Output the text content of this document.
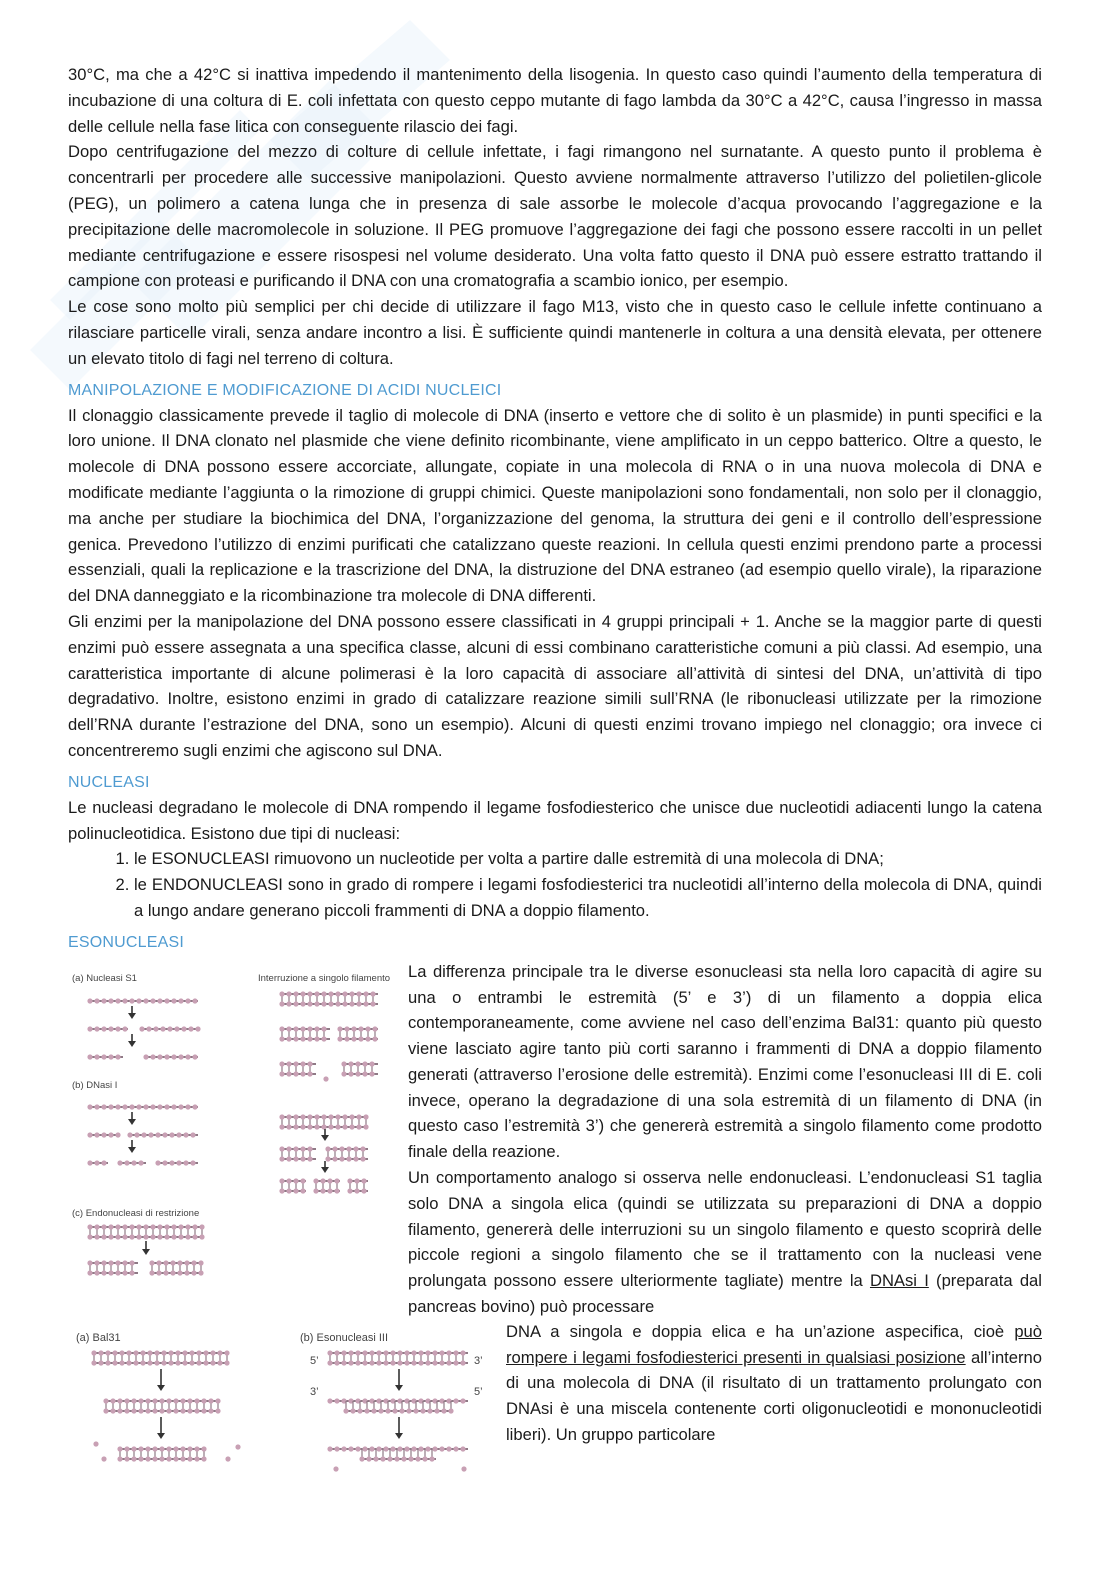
30°C, ma che a 42°C si inattiva impedendo il mantenimento della lisogenia. In questo caso quindi l’aumento della temperatura di incubazione di una coltura di E. coli infettata con questo ceppo mutante di fago lambda da 30°C a 42°C, causa l’ingresso in massa delle cellule nella fase litica con conseguente rilascio dei fagi.

Dopo centrifugazione del mezzo di colture di cellule infettate, i fagi rimangono nel surnatante. A questo punto il problema è concentrarli per procedere alle successive manipolazioni. Questo avviene normalmente attraverso l’utilizzo del polietilen-glicole (PEG), un polimero a catena lunga che in presenza di sale assorbe le molecole d’acqua provocando l’aggregazione e la precipitazione delle macromolecole in soluzione. Il PEG promuove l’aggregazione dei fagi che possono essere raccolti in un pellet mediante centrifugazione e essere risospesi nel volume desiderato. Una volta fatto questo il DNA può essere estratto trattando il campione con proteasi e purificando il DNA con una cromatografia a scambio ionico, per esempio.

Le cose sono molto più semplici per chi decide di utilizzare il fago M13, visto che in questo caso le cellule infette continuano a rilasciare particelle virali, senza andare incontro a lisi. È sufficiente quindi mantenerle in coltura a una densità elevata, per ottenere un elevato titolo di fagi nel terreno di coltura.

MANIPOLAZIONE E MODIFICAZIONE DI ACIDI NUCLEICI

Il clonaggio classicamente prevede il taglio di molecole di DNA (inserto e vettore che di solito è un plasmide) in punti specifici e la loro unione. Il DNA clonato nel plasmide che viene definito ricombinante, viene amplificato in un ceppo batterico. Oltre a questo, le molecole di DNA possono essere accorciate, allungate, copiate in una molecola di RNA o in una nuova molecola di DNA e modificate mediante l’aggiunta o la rimozione di gruppi chimici. Queste manipolazioni sono fondamentali, non solo per il clonaggio, ma anche per studiare la biochimica del DNA, l’organizzazione del genoma, la struttura dei geni e il controllo dell’espressione genica. Prevedono l’utilizzo di enzimi purificati che catalizzano queste reazioni. In cellula questi enzimi prendono parte a processi essenziali, quali la replicazione e la trascrizione del DNA, la distruzione del DNA estraneo (ad esempio quello virale), la riparazione del DNA danneggiato e la ricombinazione tra molecole di DNA differenti.

Gli enzimi per la manipolazione del DNA possono essere classificati in 4 gruppi principali + 1. Anche se la maggior parte di questi enzimi può essere assegnata a una specifica classe, alcuni di essi combinano caratteristiche comuni a più classi. Ad esempio, una caratteristica importante di alcune polimerasi è la loro capacità di associare all’attività di sintesi del DNA, un’attività di tipo degradativo. Inoltre, esistono enzimi in grado di catalizzare reazione simili sull’RNA (le ribonucleasi utilizzate per la rimozione dell’RNA durante l’estrazione del DNA, sono un esempio). Alcuni di questi enzimi trovano impiego nel clonaggio; ora invece ci concentreremo sugli enzimi che agiscono sul DNA.

NUCLEASI

Le nucleasi degradano le molecole di DNA rompendo il legame fosfodiesterico che unisce due nucleotidi adiacenti lungo la catena polinucleotidica. Esistono due tipi di nucleasi:

1. le ESONUCLEASI rimuovono un nucleotide per volta a partire dalle estremità di una molecola di DNA;
2. le ENDONUCLEASI sono in grado di rompere i legami fosfodiesterici tra nucleotidi all’interno della molecola di DNA, quindi a lungo andare generano piccoli frammenti di DNA a doppio filamento.
ESONUCLEASI
(a) Nucleasi S1	Interruzione a singolo filamento
(b) DNasi I
(c) Endonucleasi di restrizione

La differenza principale tra le diverse esonucleasi sta nella loro capacità di agire su una o entrambi le estremità (5’ e 3’) di un filamento a doppia elica contemporaneamente, come avviene nel caso dell’enzima Bal31: quanto più questo viene lasciato agire tanto più corti saranno i frammenti di DNA a doppio filamento generati (attraverso l’erosione delle estremità). Enzimi come l’esonucleasi III di E. coli invece, operano la degradazione di una sola estremità di un filamento di DNA (in questo caso l’estremità 3’) che genererà estremità a singolo filamento come prodotto finale della reazione.

Un comportamento analogo si osserva nelle endonucleasi. L’endonucleasi S1 taglia solo DNA a singola elica (quindi se utilizzata su preparazioni di DNA a doppio filamento, genererà delle interruzioni su un singolo filamento e questo scoprirà delle piccole regioni a singolo filamento che se il trattamento con la nucleasi vene prolungata possono essere ulteriormente tagliate) mentre la DNAsi I (preparata dal pancreas bovino) può processare

(a) Bal31	(b) Esonucleasi III
5’	3’
3’	5’

DNA a singola e doppia elica e ha un’azione aspecifica, cioè può rompere i legami fosfodiesterici presenti in qualsiasi posizione all’interno di una molecola di DNA (il risultato di un trattamento prolungato con DNAsi è una miscela contenente corti oligonucleotidi e mononucleotidi liberi). Un gruppo particolare
